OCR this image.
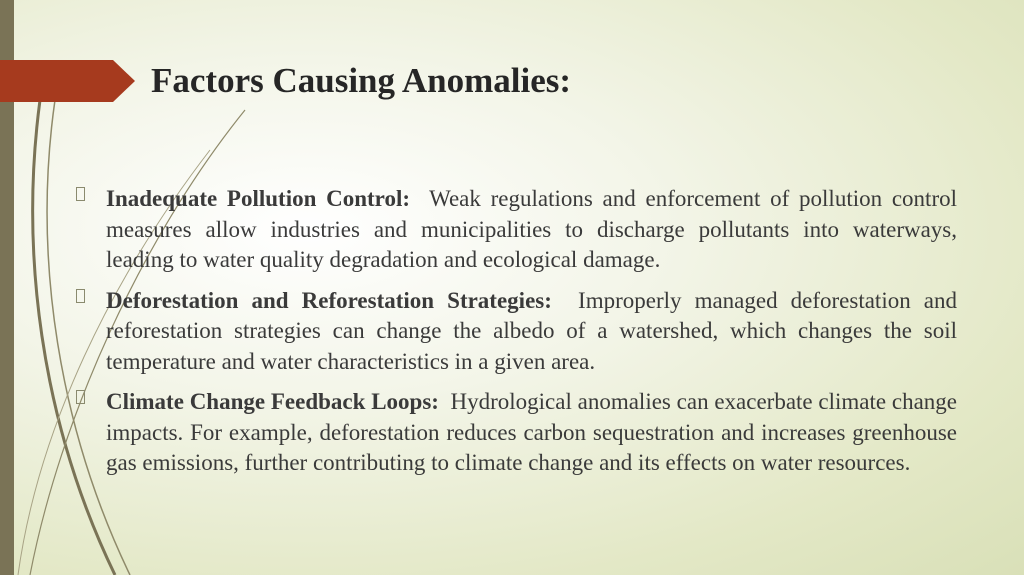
Factors Causing Anomalies:

Inadequate Pollution Control:  Weak regulations and enforcement of pollution control measures allow industries and municipalities to discharge pollutants into waterways, leading to water quality degradation and ecological damage.

Deforestation and Reforestation Strategies:  Improperly managed deforestation and reforestation strategies can change the albedo of a watershed, which changes the soil temperature and water characteristics in a given area.

Climate Change Feedback Loops:  Hydrological anomalies can exacerbate climate change impacts. For example, deforestation reduces carbon sequestration and increases greenhouse gas emissions, further contributing to climate change and its effects on water resources.
